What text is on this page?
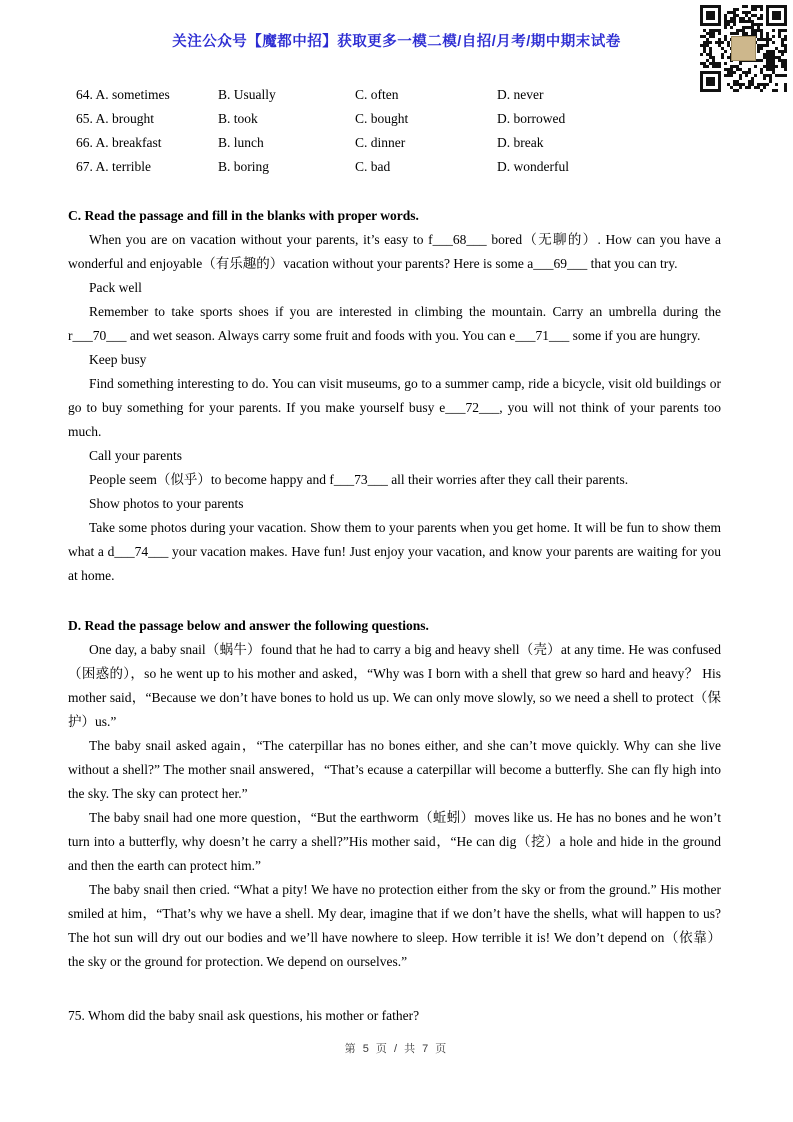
关注公众号【魔都中招】获取更多一模二模/自招/月考/期中期末试卷
64. A. sometimes	B. Usually	C. often	D. never
65. A. brought	B. took	C. bought	D. borrowed
66. A. breakfast	B. lunch	C. dinner	D. break
67. A. terrible	B. boring	C. bad	D. wonderful

C. Read the passage and fill in the blanks with proper words.

When you are on vacation without your parents, it’s easy to f___68___ bored（无聊的）. How can you have a wonderful and enjoyable（有乐趣的）vacation without your parents? Here is some a___69___ that you can try.

Pack well

Remember to take sports shoes if you are interested in climbing the mountain. Carry an umbrella during the r___70___ and wet season. Always carry some fruit and foods with you. You can e___71___ some if you are hungry.

Keep busy

Find something interesting to do. You can visit museums, go to a summer camp, ride a bicycle, visit old buildings or go to buy something for your parents. If you make yourself busy e___72___, you will not think of your parents too much.

Call your parents

People seem（似乎）to become happy and f___73___ all their worries after they call their parents.

Show photos to your parents

Take some photos during your vacation. Show them to your parents when you get home. It will be fun to show them what a d___74___ your vacation makes. Have fun! Just enjoy your vacation, and know your parents are waiting for you at home.

D. Read the passage below and answer the following questions.

One day, a baby snail（蜗牛）found that he had to carry a big and heavy shell（壳）at any time. He was confused（困惑的），so he went up to his mother and asked，“Why was I born with a shell that grew so hard and heavy？ His mother said，“Because we don’t have bones to hold us up. We can only move slowly, so we need a shell to protect（保护）us.”

The baby snail asked again，“The caterpillar has no bones either, and she can’t move quickly. Why can she live without a shell?” The mother snail answered，“That’s ecause a caterpillar will become a butterfly. She can fly high into the sky. The sky can protect her.”

The baby snail had one more question，“But the earthworm（蚯蚓）moves like us. He has no bones and he won’t turn into a butterfly, why doesn’t he carry a shell?”His mother said，“He can dig（挖）a hole and hide in the ground and then the earth can protect him.”

The baby snail then cried. “What a pity! We have no protection either from the sky or from the ground.” His mother smiled at him，“That’s why we have a shell. My dear, imagine that if we don’t have the shells, what will happen to us? The hot sun will dry out our bodies and we’ll have nowhere to sleep. How terrible it is! We don’t depend on（依靠）the sky or the ground for protection. We depend on ourselves.”

75. Whom did the baby snail ask questions, his mother or father?

第 5 页 / 共 7 页
